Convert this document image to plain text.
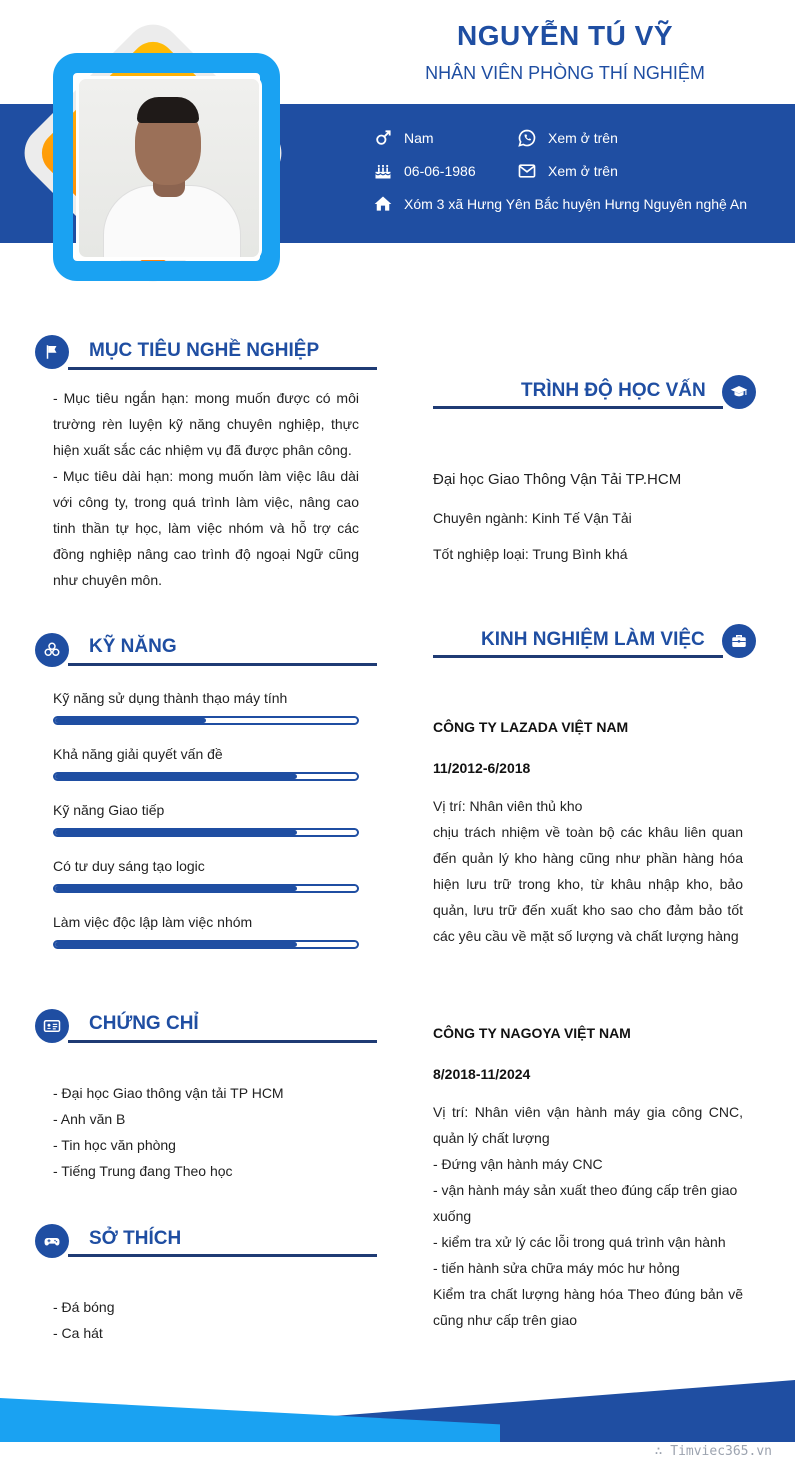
NGUYỄN TÚ VỸ
NHÂN VIÊN PHÒNG THÍ NGHIỆM
Nam	Xem ở trên
06-06-1986	Xem ở trên
Xóm 3 xã Hưng Yên Bắc huyện Hưng Nguyên nghệ An
MỤC TIÊU NGHỀ NGHIỆP
- Mục tiêu ngắn hạn: mong muốn được có môi trường rèn luyện kỹ năng chuyên nghiệp, thực hiện xuất sắc các nhiệm vụ đã được phân công.
- Mục tiêu dài hạn: mong muốn làm việc lâu dài với công ty, trong quá trình làm việc, nâng cao tinh thần tự học, làm việc nhóm và hỗ trợ các đồng nghiệp nâng cao trình độ ngoại Ngữ cũng như chuyên môn.
TRÌNH ĐỘ HỌC VẤN
Đại học Giao Thông Vận Tải TP.HCM
Chuyên ngành: Kinh Tế Vận Tải
Tốt nghiệp loại: Trung Bình khá
KỸ NĂNG
Kỹ năng sử dụng thành thạo máy tính
Khả năng giải quyết vấn đề
Kỹ năng Giao tiếp
Có tư duy sáng tạo logic
Làm việc độc lập làm việc nhóm
KINH NGHIỆM LÀM VIỆC
CÔNG TY LAZADA VIỆT NAM
11/2012-6/2018
Vị trí: Nhân viên thủ kho
chịu trách nhiệm về toàn bộ các khâu liên quan đến quản lý kho hàng cũng như phần hàng hóa hiện lưu trữ trong kho, từ khâu nhập kho, bảo quản, lưu trữ đến xuất kho sao cho đảm bảo tốt các yêu cầu về mặt số lượng và chất lượng hàng
CÔNG TY NAGOYA VIỆT NAM
8/2018-11/2024
Vị trí: Nhân viên vận hành máy gia công CNC, quản lý chất lượng
- Đứng vận hành máy CNC
- vận hành máy sản xuất theo đúng cấp trên giao xuống
- kiểm tra xử lý các lỗi trong quá trình vận hành
- tiến hành sửa chữa máy móc hư hỏng
Kiểm tra chất lượng hàng hóa Theo đúng bản vẽ cũng như cấp trên giao
CHỨNG CHỈ
- Đại học Giao thông vận tải TP HCM
- Anh văn B
- Tin học văn phòng
- Tiếng Trung đang Theo học
SỞ THÍCH
- Đá bóng
- Ca hát
∴ Timviec365.vn
